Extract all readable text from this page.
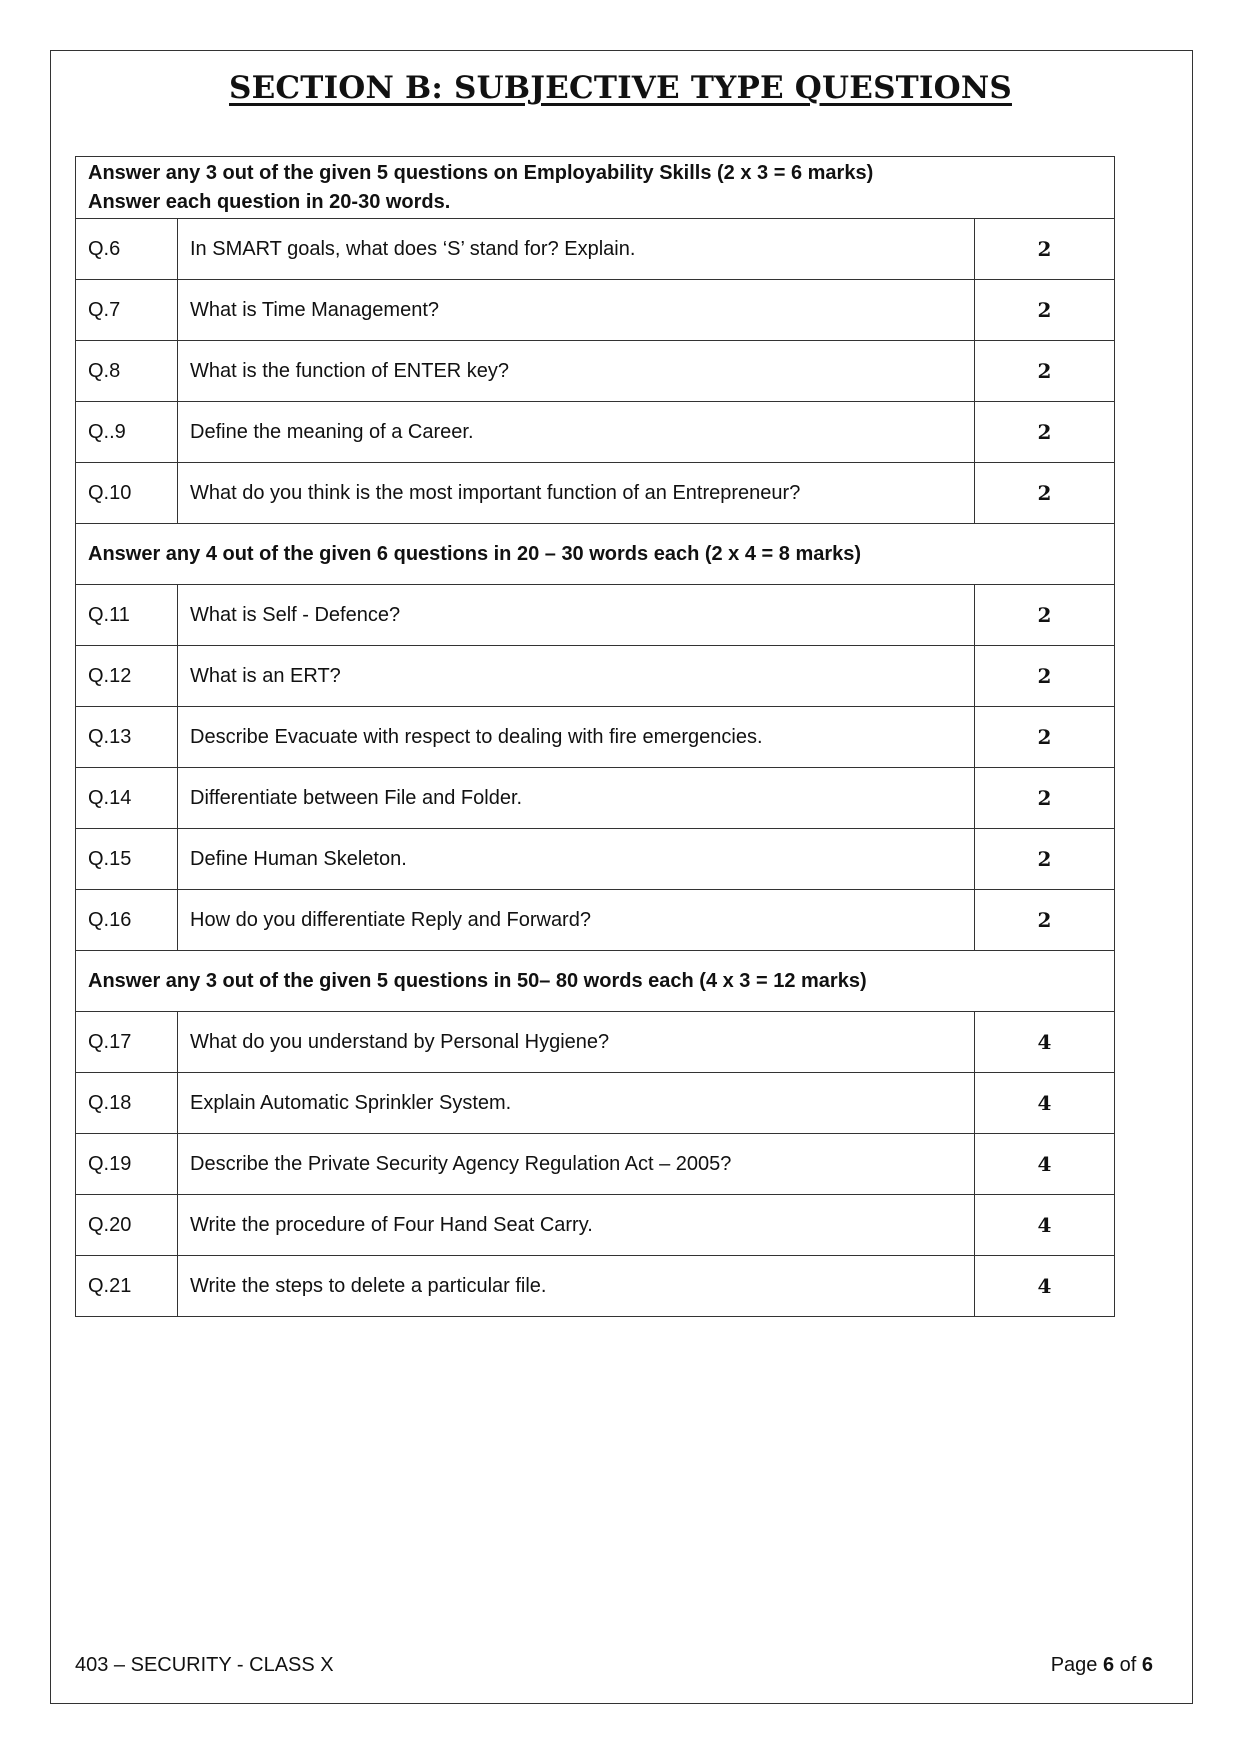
SECTION B: SUBJECTIVE TYPE QUESTIONS
Answer any 3 out of the given 5 questions on Employability Skills (2 x 3 = 6 marks)
Answer each question in 20-30 words.		

Q.6	In SMART goals, what does ‘S’ stand for? Explain.	2
Q.7	What is Time Management?	2
Q.8	What is the function of ENTER key?	2
Q..9	Define the meaning of a Career.	2
Q.10	What do you think is the most important function of an Entrepreneur?	2
Answer any 4 out of the given 6 questions in 20 – 30 words each (2 x 4 = 8 marks)		
Q.11	What is Self - Defence?	2
Q.12	What is an ERT?	2
Q.13	Describe Evacuate with respect to dealing with fire emergencies.	2
Q.14	Differentiate between File and Folder.	2
Q.15	Define Human Skeleton.	2
Q.16	How do you differentiate Reply and Forward?	2
Answer any 3 out of the given 5 questions in 50– 80 words each (4 x 3 = 12 marks)		
Q.17	What do you understand by Personal Hygiene?	4
Q.18	Explain Automatic Sprinkler System.	4
Q.19	Describe the Private Security Agency Regulation Act – 2005?	4
Q.20	Write the procedure of Four Hand Seat Carry.	4
Q.21	Write the steps to delete a particular file.	4
403 – SECURITY - CLASS X	Page 6 of 6
